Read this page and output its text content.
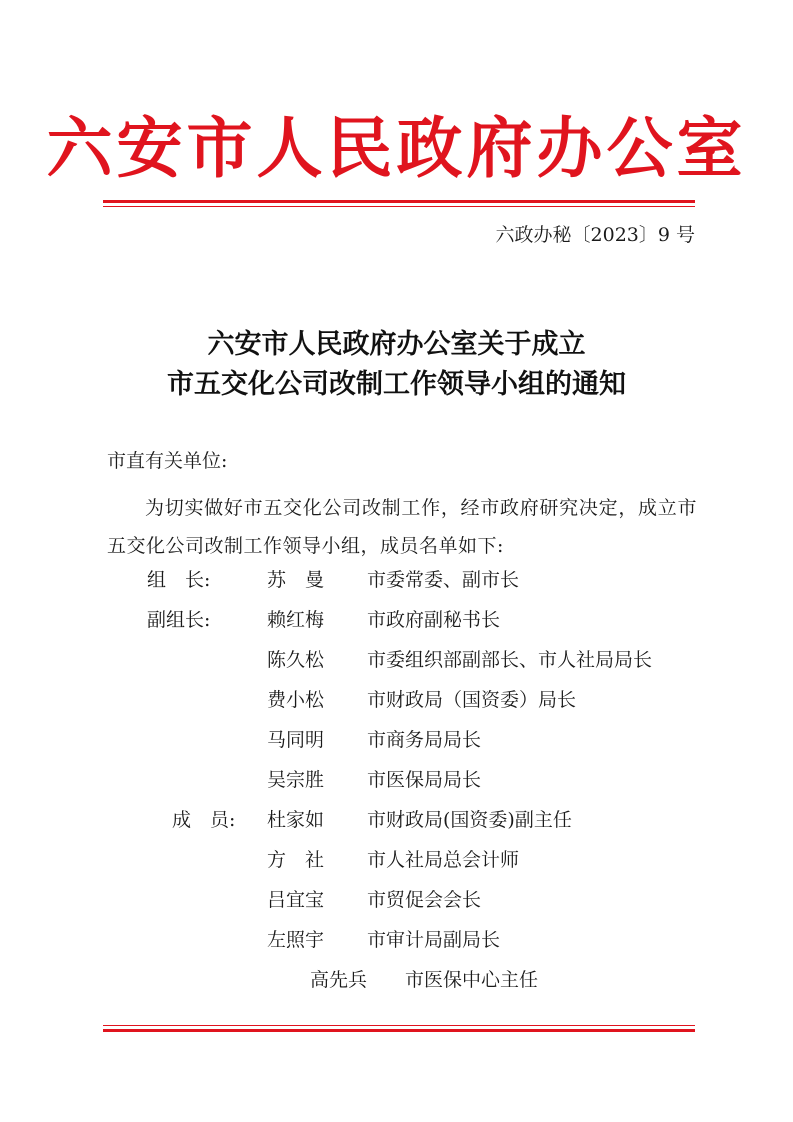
六安市人民政府办公室
六政办秘〔2023〕9 号
六安市人民政府办公室关于成立
市五交化公司改制工作领导小组的通知
市直有关单位:
为切实做好市五交化公司改制工作，经市政府研究决定，成立市五交化公司改制工作领导小组，成员名单如下:
组　长:	苏　曼 市委常委、副市长
副组长:	赖红梅 市政府副秘书长
陈久松 市委组织部副部长、市人社局局长
费小松 市财政局（国资委）局长
马同明 市商务局局长
吴宗胜 市医保局局长
成　员: 杜家如 市财政局(国资委)副主任
方　社 市人社局总会计师
吕宜宝 市贸促会会长
左照宇 市审计局副局长
高先兵 市医保中心主任
